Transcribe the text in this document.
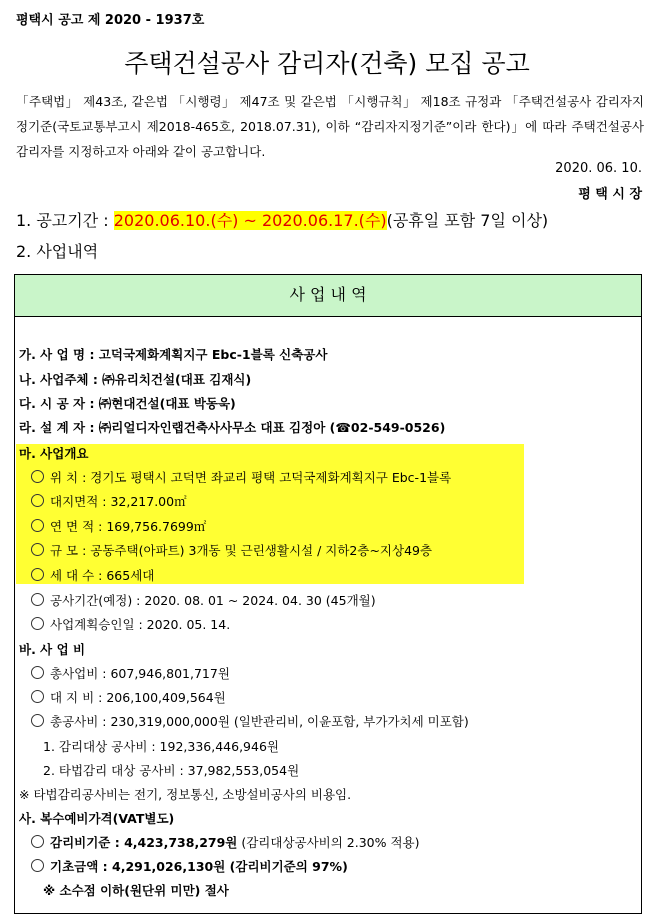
평택시 공고 제 2020 - 1937호
주택건설공사 감리자(건축) 모집 공고
「주택법」 제43조, 같은법 「시행령」 제47조 및 같은법 「시행규칙」 제18조 규정과 「주택건설공사 감리자지정기준(국토교통부고시 제2018-465호, 2018.07.31), 이하 “감리자지정기준”이라 한다)」에 따라 주택건설공사 감리자를 지정하고자 아래와 같이 공고합니다.
2020. 06. 10.
평 택 시 장
1. 공고기간 : 2020.06.10.(수) ~ 2020.06.17.(수)(공휴일 포함 7일 이상)
2. 사업내역
사 업 내 역
가. 사 업 명 : 고덕국제화계획지구 Ebc-1블록 신축공사
나. 사업주체 : ㈜유리치건설(대표 김재식)
다. 시 공 자 : ㈜현대건설(대표 박동욱)
라. 설 계 자 : ㈜리얼디자인랩건축사사무소 대표 김정아 (☎02-549-0526)
마. 사업개요
위 치 : 경기도 평택시 고덕면 좌교리 평택 고덕국제화계획지구 Ebc-1블록
대지면적 : 32,217.00㎡
연 면 적 : 169,756.7699㎡
규 모 : 공동주택(아파트) 3개동 및 근린생활시설 / 지하2층~지상49층
세 대 수 : 665세대
공사기간(예정) : 2020. 08. 01 ~ 2024. 04. 30 (45개월)
사업계획승인일 : 2020. 05. 14.
바. 사 업 비
총사업비 : 607,946,801,717원
대 지 비 : 206,100,409,564원
총공사비 : 230,319,000,000원 (일반관리비, 이윤포함, 부가가치세 미포함)
1. 감리대상 공사비 : 192,336,446,946원
2. 타법감리 대상 공사비 : 37,982,553,054원
※ 타법감리공사비는 전기, 정보통신, 소방설비공사의 비용임.
사. 복수예비가격(VAT별도)
감리비기준 : 4,423,738,279원 (감리대상공사비의 2.30% 적용)
기초금액 : 4,291,026,130원 (감리비기준의 97%)
※ 소수점 이하(원단위 미만) 절사
